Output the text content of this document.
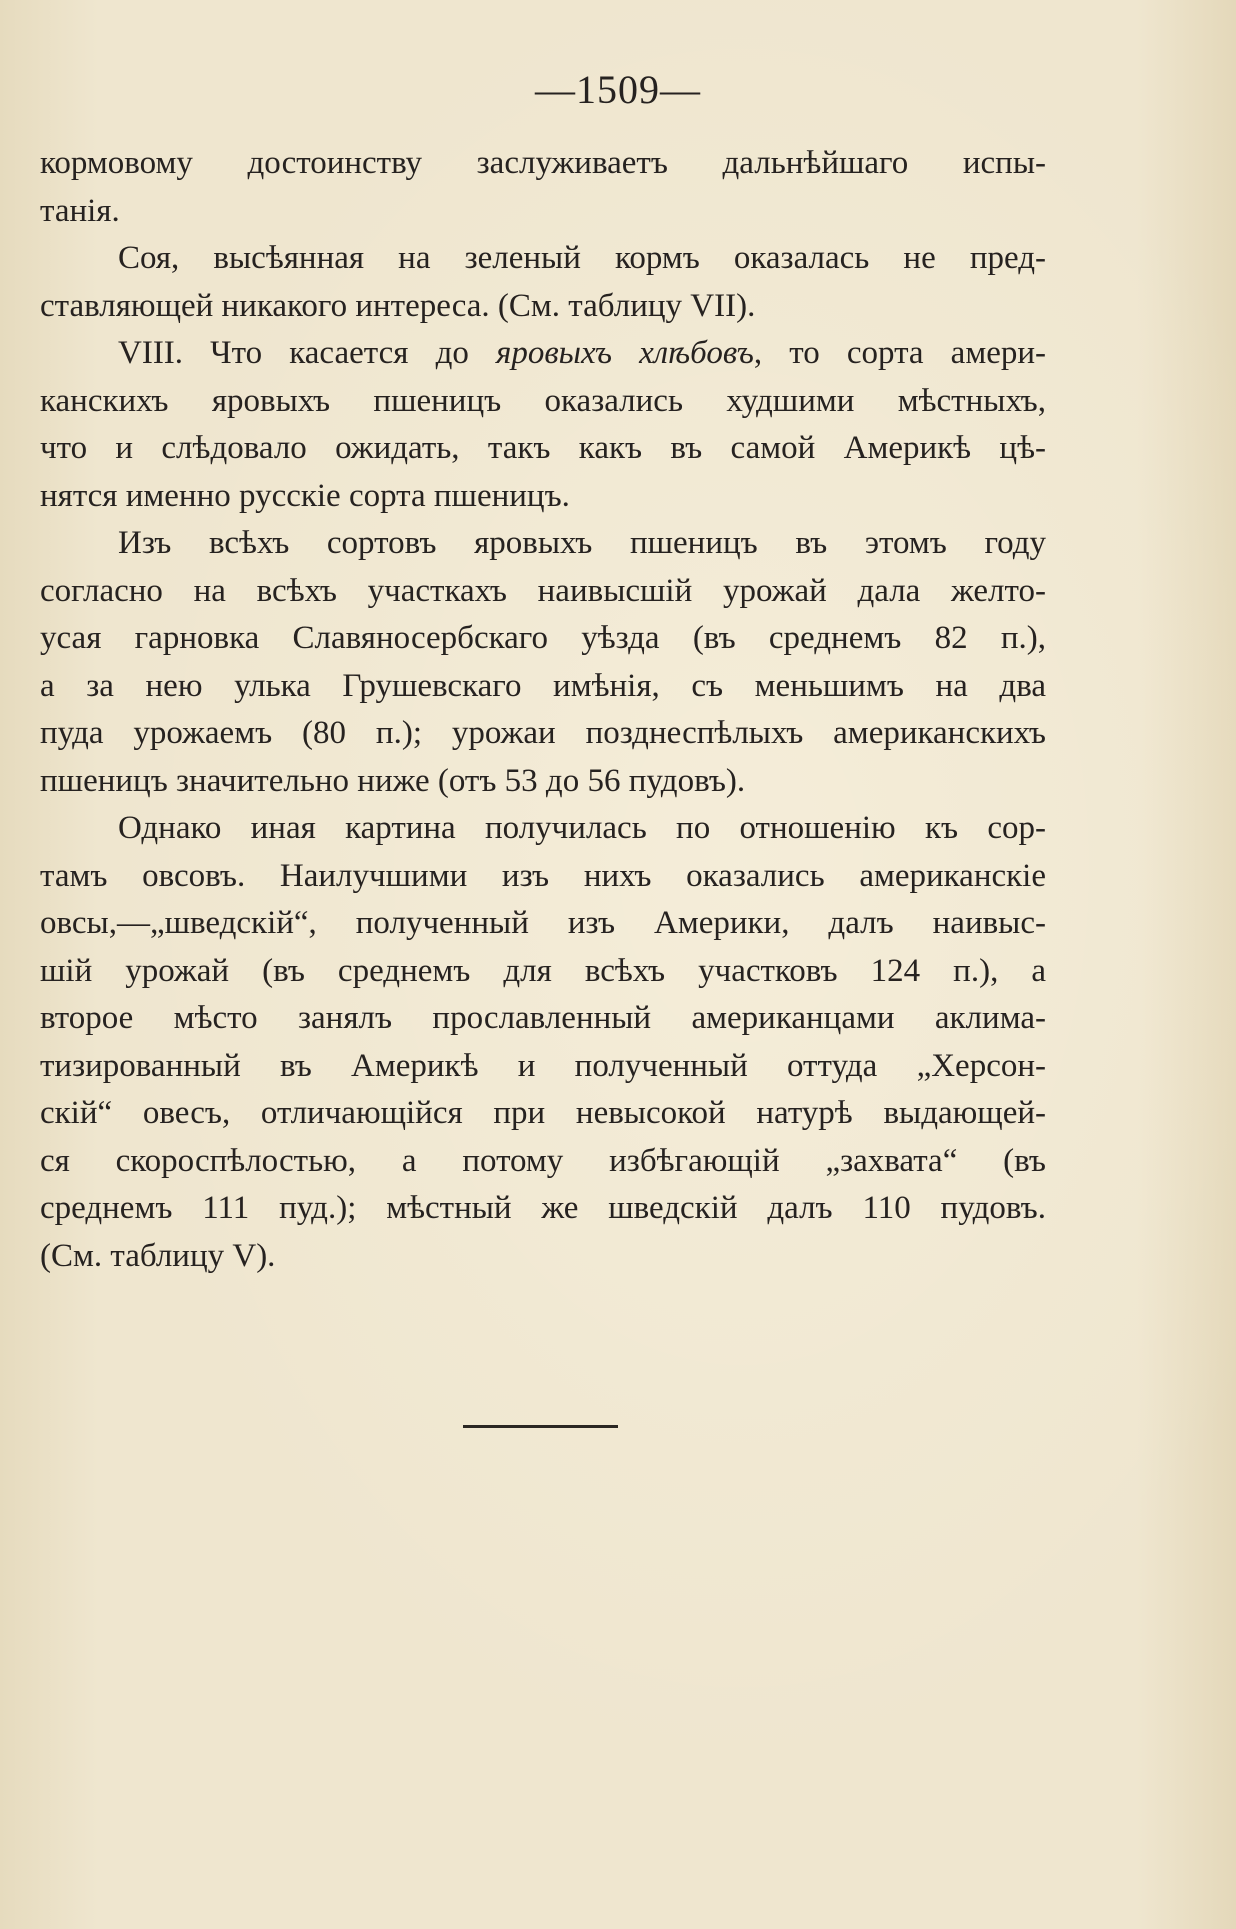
—1509—

кормовому достоинству заслуживаетъ дальнѣйшаго испы-
танія.

Соя, высѣянная на зеленый кормъ оказалась не пред-
ставляющей никакого интереса. (См. таблицу VII).

VIII. Что касается до яровыхъ хлѣбовъ, то сорта амери-
канскихъ яровыхъ пшеницъ оказались худшими мѣстныхъ,
что и слѣдовало ожидать, такъ какъ въ самой Америкѣ цѣ-
нятся именно русскіе сорта пшеницъ.

Изъ всѣхъ сортовъ яровыхъ пшеницъ въ этомъ году
согласно на всѣхъ участкахъ наивысшій урожай дала желто-
усая гарновка Славяносербскаго уѣзда (въ среднемъ 82 п.),
а за нею улька Грушевскаго имѣнія, съ меньшимъ на два
пуда урожаемъ (80 п.); урожаи позднеспѣлыхъ американскихъ
пшеницъ значительно ниже (отъ 53 до 56 пудовъ).

Однако иная картина получилась по отношенію къ сор-
тамъ овсовъ. Наилучшими изъ нихъ оказались американскіе
овсы,—„шведскій“, полученный изъ Америки, далъ наивыс-
шій урожай (въ среднемъ для всѣхъ участковъ 124 п.), а
второе мѣсто занялъ прославленный американцами аклима-
тизированный въ Америкѣ и полученный оттуда „Херсон-
скій“ овесъ, отличающійся при невысокой натурѣ выдающей-
ся скороспѣлостью, а потому избѣгающій „захвата“ (въ
среднемъ 111 пуд.); мѣстный же шведскій далъ 110 пудовъ.
(См. таблицу V).
